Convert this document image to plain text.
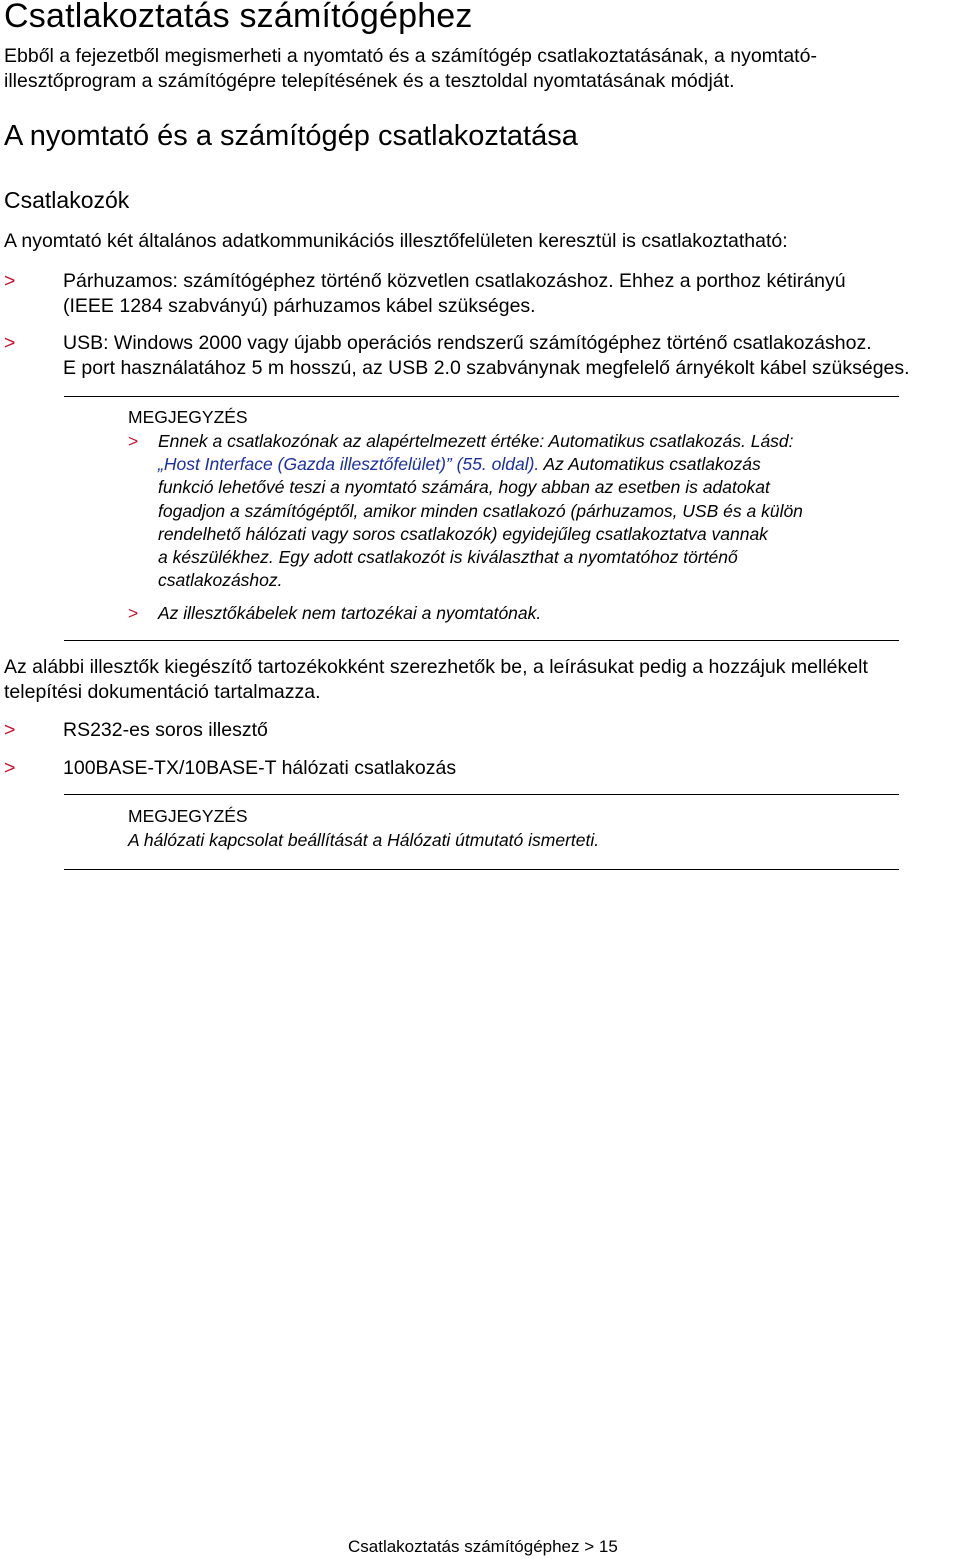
Csatlakoztatás számítógéphez
Ebből a fejezetből megismerheti a nyomtató és a számítógép csatlakoztatásának, a nyomtató-
illesztőprogram a számítógépre telepítésének és a tesztoldal nyomtatásának módját.
A nyomtató és a számítógép csatlakoztatása
Csatlakozók
A nyomtató két általános adatkommunikációs illesztőfelületen keresztül is csatlakoztatható:
> Párhuzamos: számítógéphez történő közvetlen csatlakozáshoz. Ehhez a porthoz kétirányú
(IEEE 1284 szabványú) párhuzamos kábel szükséges.
> USB: Windows 2000 vagy újabb operációs rendszerű számítógéphez történő csatlakozáshoz.
E port használatához 5 m hosszú, az USB 2.0 szabványnak megfelelő árnyékolt kábel szükséges.
MEGJEGYZÉS
> Ennek a csatlakozónak az alapértelmezett értéke: Automatikus csatlakozás. Lásd:
„Host Interface (Gazda illesztőfelület)” (55. oldal). Az Automatikus csatlakozás
funkció lehetővé teszi a nyomtató számára, hogy abban az esetben is adatokat
fogadjon a számítógéptől, amikor minden csatlakozó (párhuzamos, USB és a külön
rendelhető hálózati vagy soros csatlakozók) egyidejűleg csatlakoztatva vannak
a készülékhez. Egy adott csatlakozót is kiválaszthat a nyomtatóhoz történő
csatlakozáshoz.
> Az illesztőkábelek nem tartozékai a nyomtatónak.
Az alábbi illesztők kiegészítő tartozékokként szerezhetők be, a leírásukat pedig a hozzájuk mellékelt
telepítési dokumentáció tartalmazza.
> RS232-es soros illesztő
> 100BASE-TX/10BASE-T hálózati csatlakozás
MEGJEGYZÉS
A hálózati kapcsolat beállítását a Hálózati útmutató ismerteti.
Csatlakoztatás számítógéphez > 15
